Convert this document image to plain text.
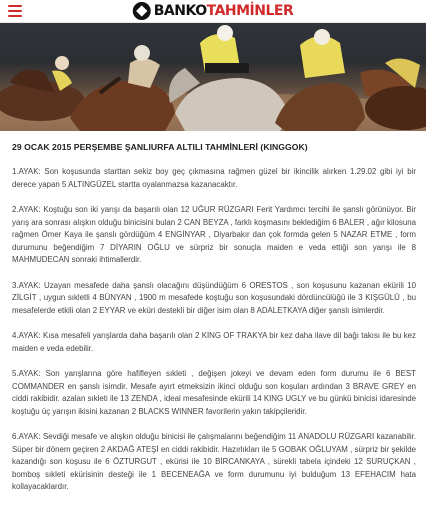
BANKOTAHMİNLER
29 OCAK 2015 PERŞEMBE ŞANLIURFA ALTILI TAHMİNLERİ (KINGGOK)

1.AYAK: Son koşusunda starttan sekiz boy geç çıkmasına rağmen güzel bir ikincilik alırken 1.29.02 gibi iyi bir derece yapan 5 ALTINGÜZEL startta oyalanmazsa kazanacaktır.

2.AYAK: Koştuğu son iki yarışı da başarılı olan 12 UĞUR RÜZGARI Ferit Yardımcı tercihi ile şanslı görünüyor. Bir yarış ara sonrası alışkın olduğu binicisini bulan 2 CAN BEYZA , farklı koşmasını beklediğim 6 BALER , ağır kilosuna rağmen Ömer Kaya ile şanslı gördüğüm 4 ENGİNYAR , Diyarbakır dan çok formda gelen 5 NAZAR ETME , form durumunu beğendiğim 7 DİYARIN OĞLU ve sürpriz bir sonuçla maiden e veda ettiği son yarışı ile 8 MAHMUDECAN sonraki ihtimallerdir.

3.AYAK: Uzayan mesafede daha şanslı olacağını düşündüğüm 6 ORESTOS , son koşusunu kazanan ekürili 10 ZİLGİT , uygun sıkletli 4 BÜNYAN , 1900 m mesafede koştuğu son koşusundaki dördüncülüğü ile 3 KIŞGÜLÜ , bu mesafelerde etkili olan 2 EYYAR ve eküri destekli bir diğer isim olan 8 ADALETKAYA diğer şanslı isimlerdir.

4.AYAK: Kısa mesafeli yarışlarda daha başarılı olan 2 KING OF TRAKYA bir kez daha ilave dil bağı takısı ile bu kez maiden e veda edebilir.

5.AYAK: Son yarışlarına göre hafifleyen sıkleti , değişen jokeyi ve devam eden form durumu ile 6 BEST COMMANDER en şanslı isimdir. Mesafe ayırt etmeksizin ikinci olduğu son koşuları ardından 3 BRAVE GREY en ciddi rakibidir. azalan sıkleti ile 13 ZENDA , ideal mesafesinde ekürili 14 KING UGLY ve bu günkü binicisi idaresinde koştuğu üç yarışın ikisini kazanan 2 BLACKS WINNER favorilerin yakın takipçileridir.

6.AYAK: Sevdiği mesafe ve alışkın olduğu binicisi ile çalışmalarını beğendiğim 11 ANADOLU RÜZGARI kazanabilir. Süper bir dönem geçiren 2 AKDAĞ ATEŞİ en ciddi rakibidir. Hazırlıkları ile 5 GOBAK OĞLUYAM , sürpriz bir şekilde kazandığı son koşusu ile 6 ÖZTURGUT , ekürisi ile 10 BİRCANKAYA , sürekli tabela içindeki 12 SURUÇKAN , bomboş sıkleti ekürisinin desteği ile 1 BECENEAĞA ve form durumunu iyi bulduğum 13 EFEHACIM hata kollayacaklardır.
